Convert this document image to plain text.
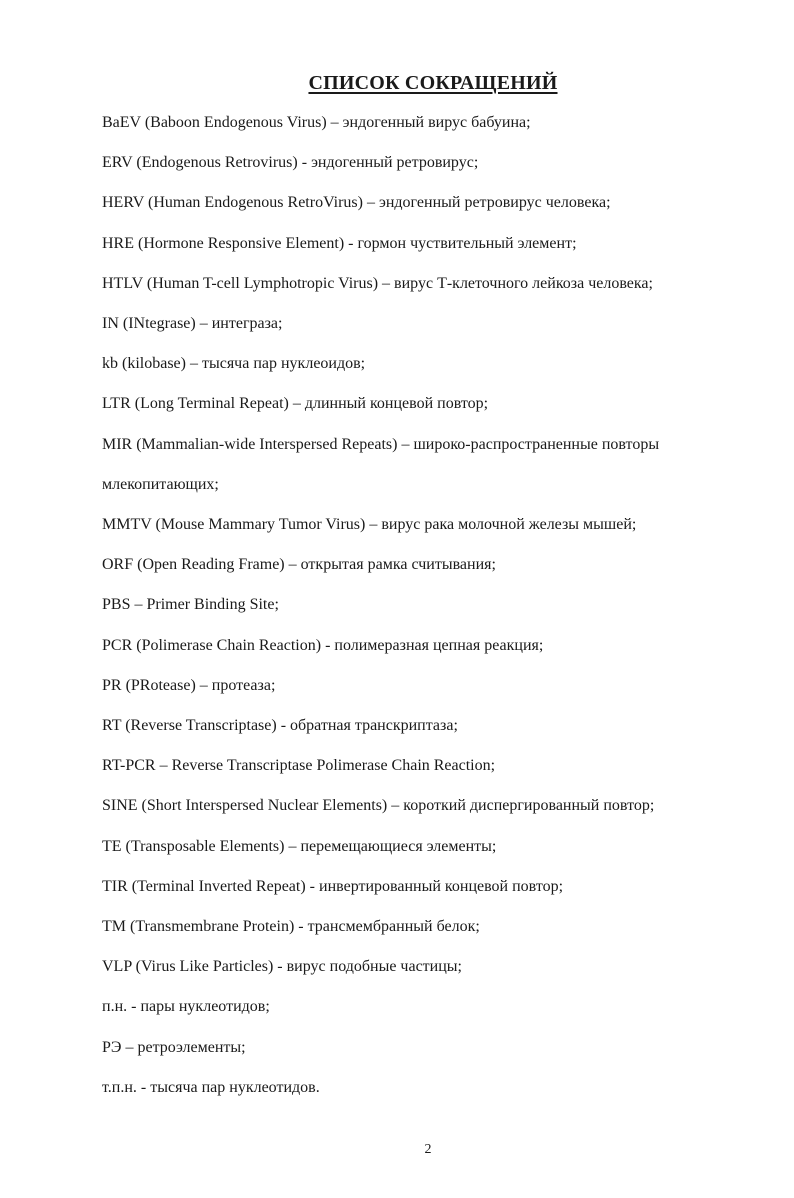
СПИСОК СОКРАЩЕНИЙ
BaEV (Baboon Endogenous Virus) – эндогенный вирус бабуина;
ERV (Endogenous Retrovirus) - эндогенный ретровирус;
HERV (Human Endogenous RetroVirus) – эндогенный ретровирус человека;
HRE (Hormone Responsive Element) - гормон чуствительный элемент;
HTLV (Human T-cell Lymphotropic Virus) – вирус Т-клеточного лейкоза человека;
IN (INtegrase) – интеграза;
kb (kilobase) – тысяча пар нуклеоидов;
LTR (Long Terminal Repeat) – длинный концевой повтор;
MIR (Mammalian-wide Interspersed Repeats) – широко-распространенные повторы
млекопитающих;
MMTV (Mouse Mammary Tumor Virus) – вирус рака молочной железы мышей;
ORF (Open Reading Frame) – открытая рамка считывания;
PBS – Primer Binding Site;
PCR (Polimerase Chain Reaction) - полимеразная цепная реакция;
PR (PRotease) – протеаза;
RT (Reverse Transcriptase) - обратная транскриптаза;
RT-PCR – Reverse Transcriptase Polimerase Chain Reaction;
SINE (Short Interspersed Nuclear Elements) – короткий диспергированный повтор;
TE (Transposable Elements) – перемещающиеся элементы;
TIR (Terminal Inverted Repeat) - инвертированный концевой повтор;
TM (Transmembrane Protein) - трансмембранный белок;
VLP (Virus Like Particles) - вирус подобные частицы;
п.н. - пары нуклеотидов;
РЭ – ретроэлементы;
т.п.н. - тысяча пар нуклеотидов.
2
